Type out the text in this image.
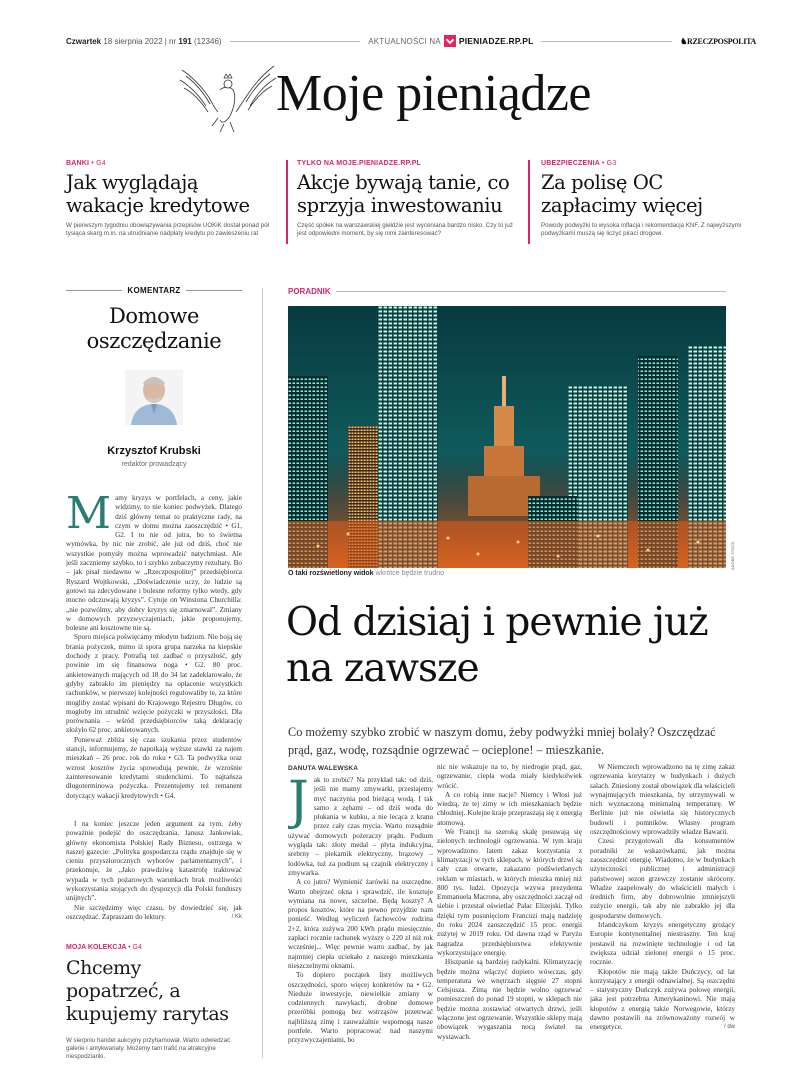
Czwartek 18 sierpnia 2022 | nr 191 (12346)	AKTUALNOŚCI NA PIENIADZE.RP.PL	♞RZECZPOSPOLITA
Moje pieniądze
BANKI • G4
Jak wyglądają wakacje kredytowe

W pierwszym tygodniu obowiązywania przepisów UOKiK dostał ponad pół tysiąca skarg m.in. na utrudnianie nadpłaty kredytu po zawieszeniu rat

TYLKO NA MOJE.PIENIADZE.RP.PL
Akcje bywają tanie, co sprzyja inwestowaniu

Część spółek na warszawskiej giełdzie jest wyceniana bardzo nisko. Czy to już jest odpowiedni moment, by się nimi zainteresować?

UBEZPIECZENIA • G3
Za polisę OC zapłacimy więcej

Powody podwyżki to wysoka inflacja i rekomendacja KNF. Z najwyższymi podwyżkami muszą się liczyć piraci drogowi.

KOMENTARZ
Domowe oszczędzanie
Krzysztof Krubski
redaktor prowadzący

Mamy kryzys w portfelach, a ceny, jakie widzimy, to nie koniec podwyżek. Dlatego dziś główny temat to praktyczne rady, na czym w domu można zaoszczędzić • G1, G2. I to nie od jutra, bo to świetna wymówka, by nic nie zrobić, ale już od dziś, choć nie wszystkie pomysły można wprowadzić natychmiast. Ale jeśli zaczniemy szybko, to i szybko zobaczymy rezultaty. Bo – jak pisał niedawno w „Rzeczpospolitej” przedsiębiorca Ryszard Wojtkowski, „Doświadczenie uczy, że ludzie są gotowi na zdecydowane i bolesne reformy tylko wtedy, gdy mocno odczuwają kryzys”. Cytuje on Winstona Churchilla: „nie pozwólmy, aby dobry kryzys się zmarnował”. Zmiany w domowych przyzwyczajeniach, jakie proponujemy, bolesne ani kosztowne nie są.

Sporo miejsca poświęcamy młodym ludziom. Nie boją się brania pożyczek, mimo iż spora grupa narzeka na kiepskie dochody z pracy. Potrafią też zadbać o przyszłość, gdy powinie im się finansowa noga • G2. 80 proc. ankietowanych mających od 18 do 34 lat zadeklarowało, że gdyby zabrakło im pieniędzy na opłacenie wszystkich rachunków, w pierwszej kolejności regulowaliby te, za które mogliby zostać wpisani do Krajowego Rejestru Długów, co mogłoby im utrudnić wzięcie pożyczki w przyszłości. Dla porównania – wśród przedsiębiorców taką deklarację złożyło 62 proc. ankietowanych.

Ponieważ zbliża się czas szukania przez studentów stancji, informujemy, że napotkają wyższe stawki za najem mieszkań – 26 proc. rok do roku • G3. Ta podwyżka oraz wzrost kosztów życia spowodują pewnie, że wzrośnie zainteresowanie kredytami studenckimi. To najtańsza długoterminowa pożyczka. Prezentujemy też remanent dotyczący wakacji kredytowych • G4.

I na koniec jeszcze jeden argument za tym, żeby poważnie podejść do oszczędzania. Janusz Jankowiak, główny ekonomista Polskiej Rady Biznesu, ostrzega w naszej gazecie: „Polityka gospodarcza rządu znajduje się w cieniu przyszłorocznych wyborów parlamentarnych”, i przekonuje, że „Jako prawdziwą katastrofę traktować wypada w tych pożarowych warunkach brak możliwości wykorzystania stojących do dyspozycji dla Polski funduszy unijnych”.

Nie szczędzimy więc czasu, by dowiedzieć się, jak oszczędzać. Zapraszam do lektury.	/ Kk

MOJA KOLEKCJA • G4
Chcemy popatrzeć, a kupujemy rarytas

W sierpniu handel aukcyjny przyhamował. Warto odwiedzać galerie i antykwariaty. Możemy tam trafić na atrakcyjne niespodzianki.

PORADNIK
ADOBE STOCK
O taki rozświetlony widok wkrótce będzie trudno
Od dzisiaj i pewnie już na zawsze
Co możemy szybko zrobić w naszym domu, żeby podwyżki mniej bolały? Oszczędzać prąd, gaz, wodę, rozsądnie ogrzewać – ocieplone! – mieszkanie.
DANUTA WALEWSKA

Jak to zrobić? Na przykład tak: od dziś, jeśli nie mamy zmywarki, przestajemy myć naczynia pod bieżącą wodą. I tak samo z zębami – od dziś woda do płukania w kubku, a nie lecąca z kranu przez cały czas mycia. Warto rozsądnie używać domowych pożeraczy prądu. Podium wygląda tak: złoty medal – płyta indukcyjna, srebrny – piekarnik elektryczny, brązowy – lodówka, tuż za podium są czajnik elektryczny i zmywarka.

A co jutro? Wymienić żarówki na oszczędne. Warto obejrzeć okna i sprawdzić, ile kosztuje wymiana na nowe, szczelne. Będą koszty? A propos kosztów, które na pewno przyjdzie nam ponieść. Według wyliczeń fachowców rodzina 2+2, która zużywa 200 kWh prądu miesięcznie, zapłaci rocznie rachunek wyższy o 220 zł niż rok wcześniej... Więc pewnie warto zadbać, by jak najmniej ciepła uciekało z naszego mieszkania nieszczelnymi oknami.

To dopiero początek listy możliwych oszczędności, sporo więcej konkretów na • G2. Niedużе inwestycje, niewielkie zmiany w codziennych nawykach, drobne domowe przeróbki pomogą bez wstrząsów przetrwać najbliższą zimę i zauważalnie wspomogą nasze portfele. Warto popracować nad naszymi przyzwyczajeniami, bo

nic nie wskazuje na to, by niedrogie prąd, gaz, ogrzewanie, ciepła woda miały kiedykolwiek wrócić.

A co robią inne nacje? Niemcy i Włosi już wiedzą, że tej zimy w ich mieszkaniach będzie chłodniej. Kolejne kraje przepraszają się z energią atomową.

We Francji na szeroką skalę posuwają się zielonych technologii ogrzewania. W tym kraju wprowadzono latem zakaz korzystania z klimatyzacji w tych sklepach, w których drzwi są cały czas otwarte, zakazano podświetlanych reklam w miastach, w których mieszka mniej niż 800 tys. ludzi. Opozycja wzywa prezydenta Emmanuela Macrona, aby oszczędności zaczął od siebie i przestał oświetlać Pałac Elizejski. Tylko dzięki tym posunięciom Francuzi mają nadzieję do roku 2024 zaoszczędzić 15 proc. energii zużytej w 2019 roku. Od dawna rząd w Paryżu nagradza przedsiębiorstwa efektywnie wykorzystujące energię.

Hiszpanie są bardziej radykalni. Klimatyzację będzie można włączyć dopiero wówczas, gdy temperatura we wnętrzach sięgnie 27 stopni Celsjusza. Zimą nie będzie wolno ogrzewać pomieszczeń do ponad 19 stopni, w sklepach nie będzie można zostawiać otwartych drzwi, jeśli włączone jest ogrzewanie. Wszystkie sklepy mają obowiązek wygaszania nocą świateł na wystawach.

W Niemczech wprowadzono na tę zimę zakaz ogrzewania korytarzy w budynkach i dużych salach. Zniesiony został obowiązek dla właścicieli wynajmujących mieszkania, by utrzymywali w nich wyznaczoną minimalną temperaturę. W Berlinie już nie oświetla się historycznych budowli i pomników. Własny program oszczędnościowy wprowadziły władze Bawarii.

Czesi przygotowali dla konsumentów poradniki ze wskazówkami, jak można zaoszczędzić energię. Wiadomo, że w budynkach użyteczności publicznej i administracji państwowej sezon grzewczy zostanie skrócony. Władze zaapelowały do właścicieli małych i średnich firm, aby dobrowolnie zmniejszyli zużycie energii, tak aby nie zabrakło jej dla gospodarstw domowych.

Irlandczykom kryzys energetyczny grożący Europie kontynentalnej niestraszny. Ten kraj postawił na rozwinięte technologie i od lat zwiększa udział zielonej energii o 15 proc. rocznie.

Kłopotów nie mają także Duńczycy, od lat korzystający z energii odnawialnej. Są oszczędni – statystyczny Duńczyk zużywa połowę energii, jaka jest potrzebna Amerykaninowi. Nie mają kłopotów z energią także Norwegowie, którzy dawno postawili na zrównoważony rozwój w energetyce.	/ dw
